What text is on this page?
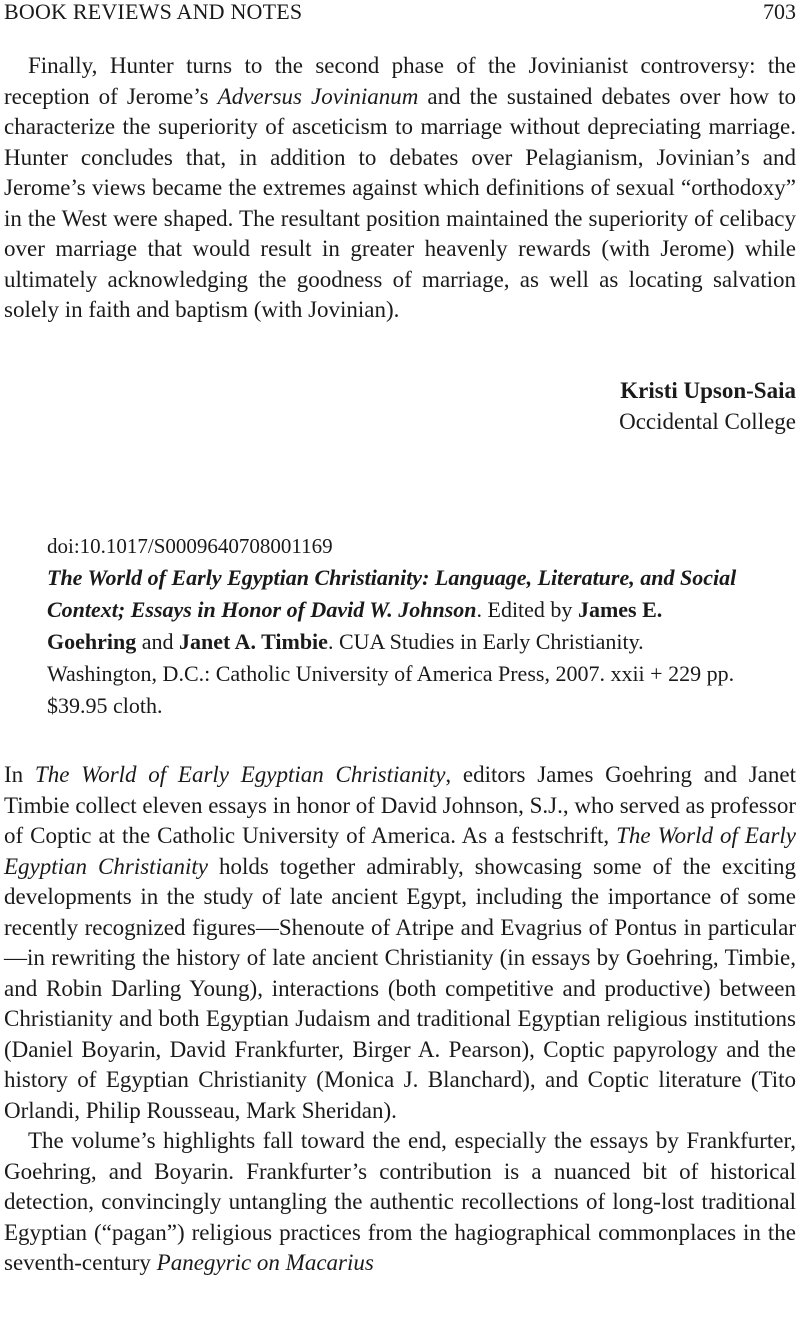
BOOK REVIEWS AND NOTES	703

Finally, Hunter turns to the second phase of the Jovinianist controversy: the reception of Jerome’s Adversus Jovinianum and the sustained debates over how to characterize the superiority of asceticism to marriage without depreciating marriage. Hunter concludes that, in addition to debates over Pelagianism, Jovinian’s and Jerome’s views became the extremes against which definitions of sexual “orthodoxy” in the West were shaped. The resultant position maintained the superiority of celibacy over marriage that would result in greater heavenly rewards (with Jerome) while ultimately acknowledging the goodness of marriage, as well as locating salvation solely in faith and baptism (with Jovinian).

Kristi Upson-Saia
Occidental College
doi:10.1017/S0009640708001169
The World of Early Egyptian Christianity: Language, Literature, and Social Context; Essays in Honor of David W. Johnson. Edited by James E. Goehring and Janet A. Timbie. CUA Studies in Early Christianity. Washington, D.C.: Catholic University of America Press, 2007. xxii + 229 pp. $39.95 cloth.

In The World of Early Egyptian Christianity, editors James Goehring and Janet Timbie collect eleven essays in honor of David Johnson, S.J., who served as professor of Coptic at the Catholic University of America. As a festschrift, The World of Early Egyptian Christianity holds together admirably, showcasing some of the exciting developments in the study of late ancient Egypt, including the importance of some recently recognized figures—Shenoute of Atripe and Evagrius of Pontus in particular—in rewriting the history of late ancient Christianity (in essays by Goehring, Timbie, and Robin Darling Young), interactions (both competitive and productive) between Christianity and both Egyptian Judaism and traditional Egyptian religious institutions (Daniel Boyarin, David Frankfurter, Birger A. Pearson), Coptic papyrology and the history of Egyptian Christianity (Monica J. Blanchard), and Coptic literature (Tito Orlandi, Philip Rousseau, Mark Sheridan).

The volume’s highlights fall toward the end, especially the essays by Frankfurter, Goehring, and Boyarin. Frankfurter’s contribution is a nuanced bit of historical detection, convincingly untangling the authentic recollections of long-lost traditional Egyptian (“pagan”) religious practices from the hagiographical commonplaces in the seventh-century Panegyric on Macarius
